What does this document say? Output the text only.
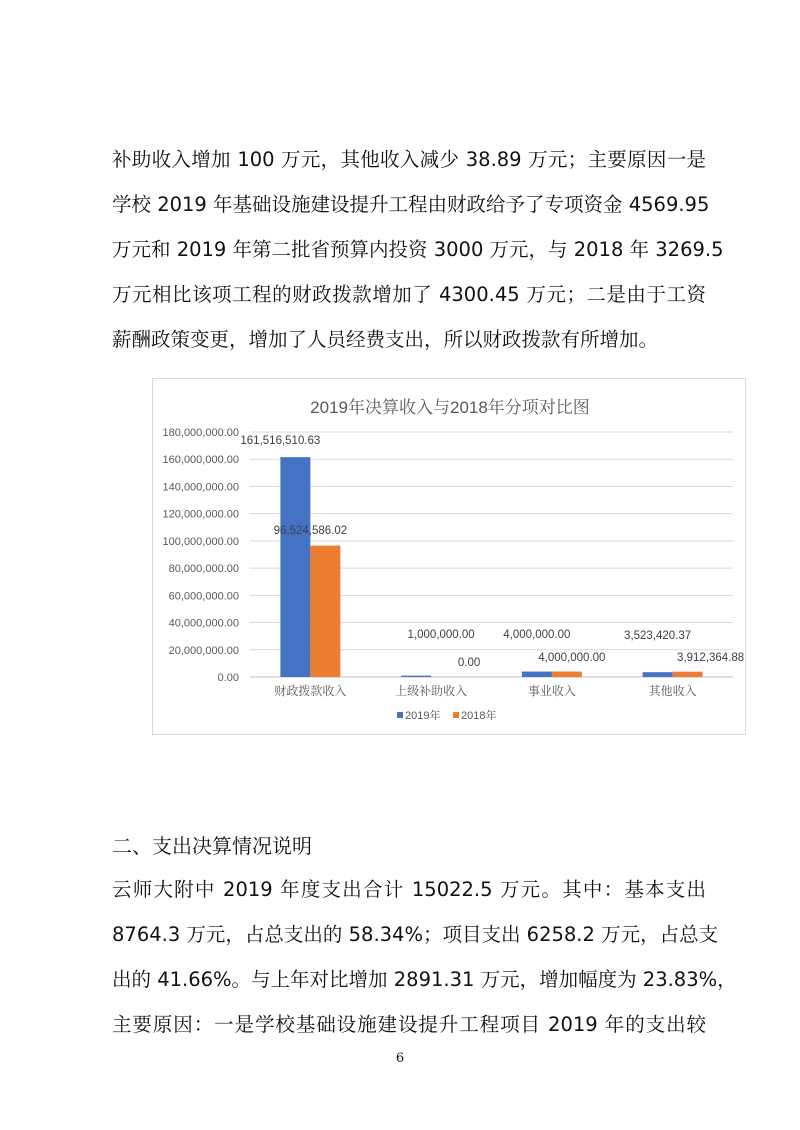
补助收入增加 100 万元，其他收入减少 38.89 万元；主要原因一是
学校 2019 年基础设施建设提升工程由财政给予了专项资金 4569.95
万元和 2019 年第二批省预算内投资 3000 万元，与 2018 年 3269.5
万元相比该项工程的财政拨款增加了 4300.45 万元；二是由于工资
薪酬政策变更，增加了人员经费支出，所以财政拨款有所增加。
2019年决算收入与2018年分项对比图
0.00
20,000,000.00
40,000,000.00
60,000,000.00
80,000,000.00
100,000,000.00
120,000,000.00
140,000,000.00
160,000,000.00
180,000,000.00
财政拨款收入	上级补助收入	事业收入	其他收入
161,516,510.63
1,000,000.00 4,000,000.00	3,523,420.37
96,524,586.02
0.00	4,000,000.00	3,912,364.88
2019年 2018年
二、支出决算情况说明
云师大附中 2019 年度支出合计 15022.5 万元。其中：基本支出
8764.3 万元，占总支出的 58.34%；项目支出 6258.2 万元，占总支
出的 41.66%。与上年对比增加 2891.31 万元，增加幅度为 23.83%，
主要原因：一是学校基础设施建设提升工程项目 2019 年的支出较
6
